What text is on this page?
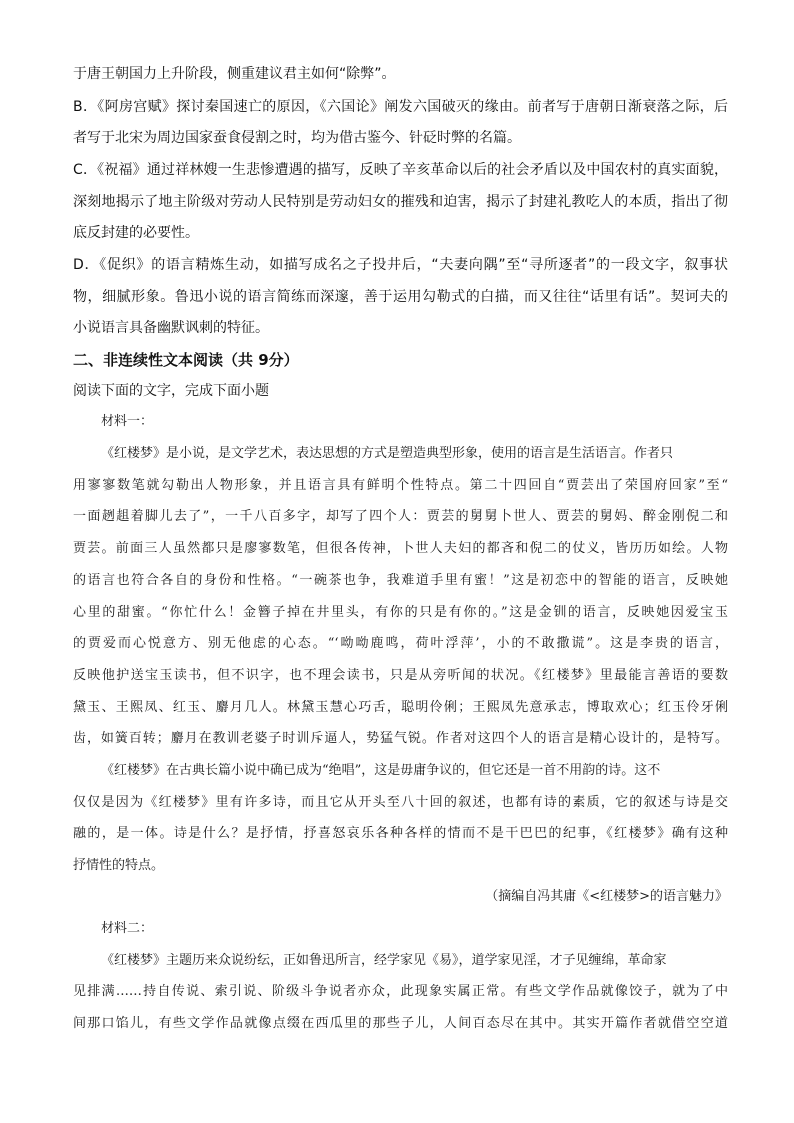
于唐王朝国力上升阶段，侧重建议君主如何“除弊”。
B．《阿房宫赋》探讨秦国速亡的原因，《六国论》阐发六国破灭的缘由。前者写于唐朝日渐衰落之际，后
者写于北宋为周边国家蚕食侵割之时，均为借古鉴今、针砭时弊的名篇。
C．《祝福》通过祥林嫂一生悲惨遭遇的描写，反映了辛亥革命以后的社会矛盾以及中国农村的真实面貌，
深刻地揭示了地主阶级对劳动人民特别是劳动妇女的摧残和迫害，揭示了封建礼教吃人的本质，指出了彻
底反封建的必要性。
D．《促织》的语言精炼生动，如描写成名之子投井后，“夫妻向隅”至“寻所逐者”的一段文字，叙事状
物，细腻形象。鲁迅小说的语言简练而深邃，善于运用勾勒式的白描，而又往往“话里有话”。契诃夫的
小说语言具备幽默讽刺的特征。
二、非连续性文本阅读（共 9分）
阅读下面的文字，完成下面小题
材料一：
《红楼梦》是小说，是文学艺术，表达思想的方式是塑造典型形象，使用的语言是生活语言。作者只
用寥寥数笔就勾勒出人物形象，并且语言具有鲜明个性特点。第二十四回自“贾芸出了荣国府回家”至“
一面趔趄着脚儿去了”，一千八百多字，却写了四个人：贾芸的舅舅卜世人、贾芸的舅妈、醉金刚倪二和
贾芸。前面三人虽然都只是廖寥数笔，但很各传神，卜世人夫妇的都吝和倪二的仗义，皆历历如绘。人物
的语言也符合各自的身份和性格。“一碗茶也争，我难道手里有蜜！”这是初恋中的智能的语言，反映她
心里的甜蜜。“你忙什么！金簪子掉在井里头，有你的只是有你的。”这是金钏的语言，反映她因爱宝玉
的贾爱而心悦意方、别无他虑的心态。“‘呦呦鹿鸣，荷叶浮萍’，小的不敢撒谎”。这是李贵的语言，
反映他护送宝玉读书，但不识字，也不理会读书，只是从旁听闻的状况。《红楼梦》里最能言善语的要数
黛玉、王熙凤、红玉、麝月几人。林黛玉慧心巧舌，聪明伶俐；王熙凤先意承志，博取欢心；红玉伶牙俐
齿，如簧百转；麝月在教训老婆子时训斥逼人，势猛气锐。作者对这四个人的语言是精心设计的，是特写。
《红楼梦》在古典长篇小说中确已成为“绝唱”，这是毋庸争议的，但它还是一首不用韵的诗。这不
仅仅是因为《红楼梦》里有许多诗，而且它从开头至八十回的叙述，也都有诗的素质，它的叙述与诗是交
融的，是一体。诗是什么？是抒情，抒喜怒哀乐各种各样的情而不是干巴巴的纪事，《红楼梦》确有这种
抒情性的特点。
（摘编自冯其庸《<红楼梦>的语言魅力》
材料二：
《红楼梦》主题历来众说纷纭，正如鲁迅所言，经学家见《易》，道学家见淫，才子见缠绵，革命家
见排满……持自传说、索引说、阶级斗争说者亦众，此现象实属正常。有些文学作品就像饺子，就为了中
间那口馅儿，有些文学作品就像点缀在西瓜里的那些子儿，人间百态尽在其中。其实开篇作者就借空空道
